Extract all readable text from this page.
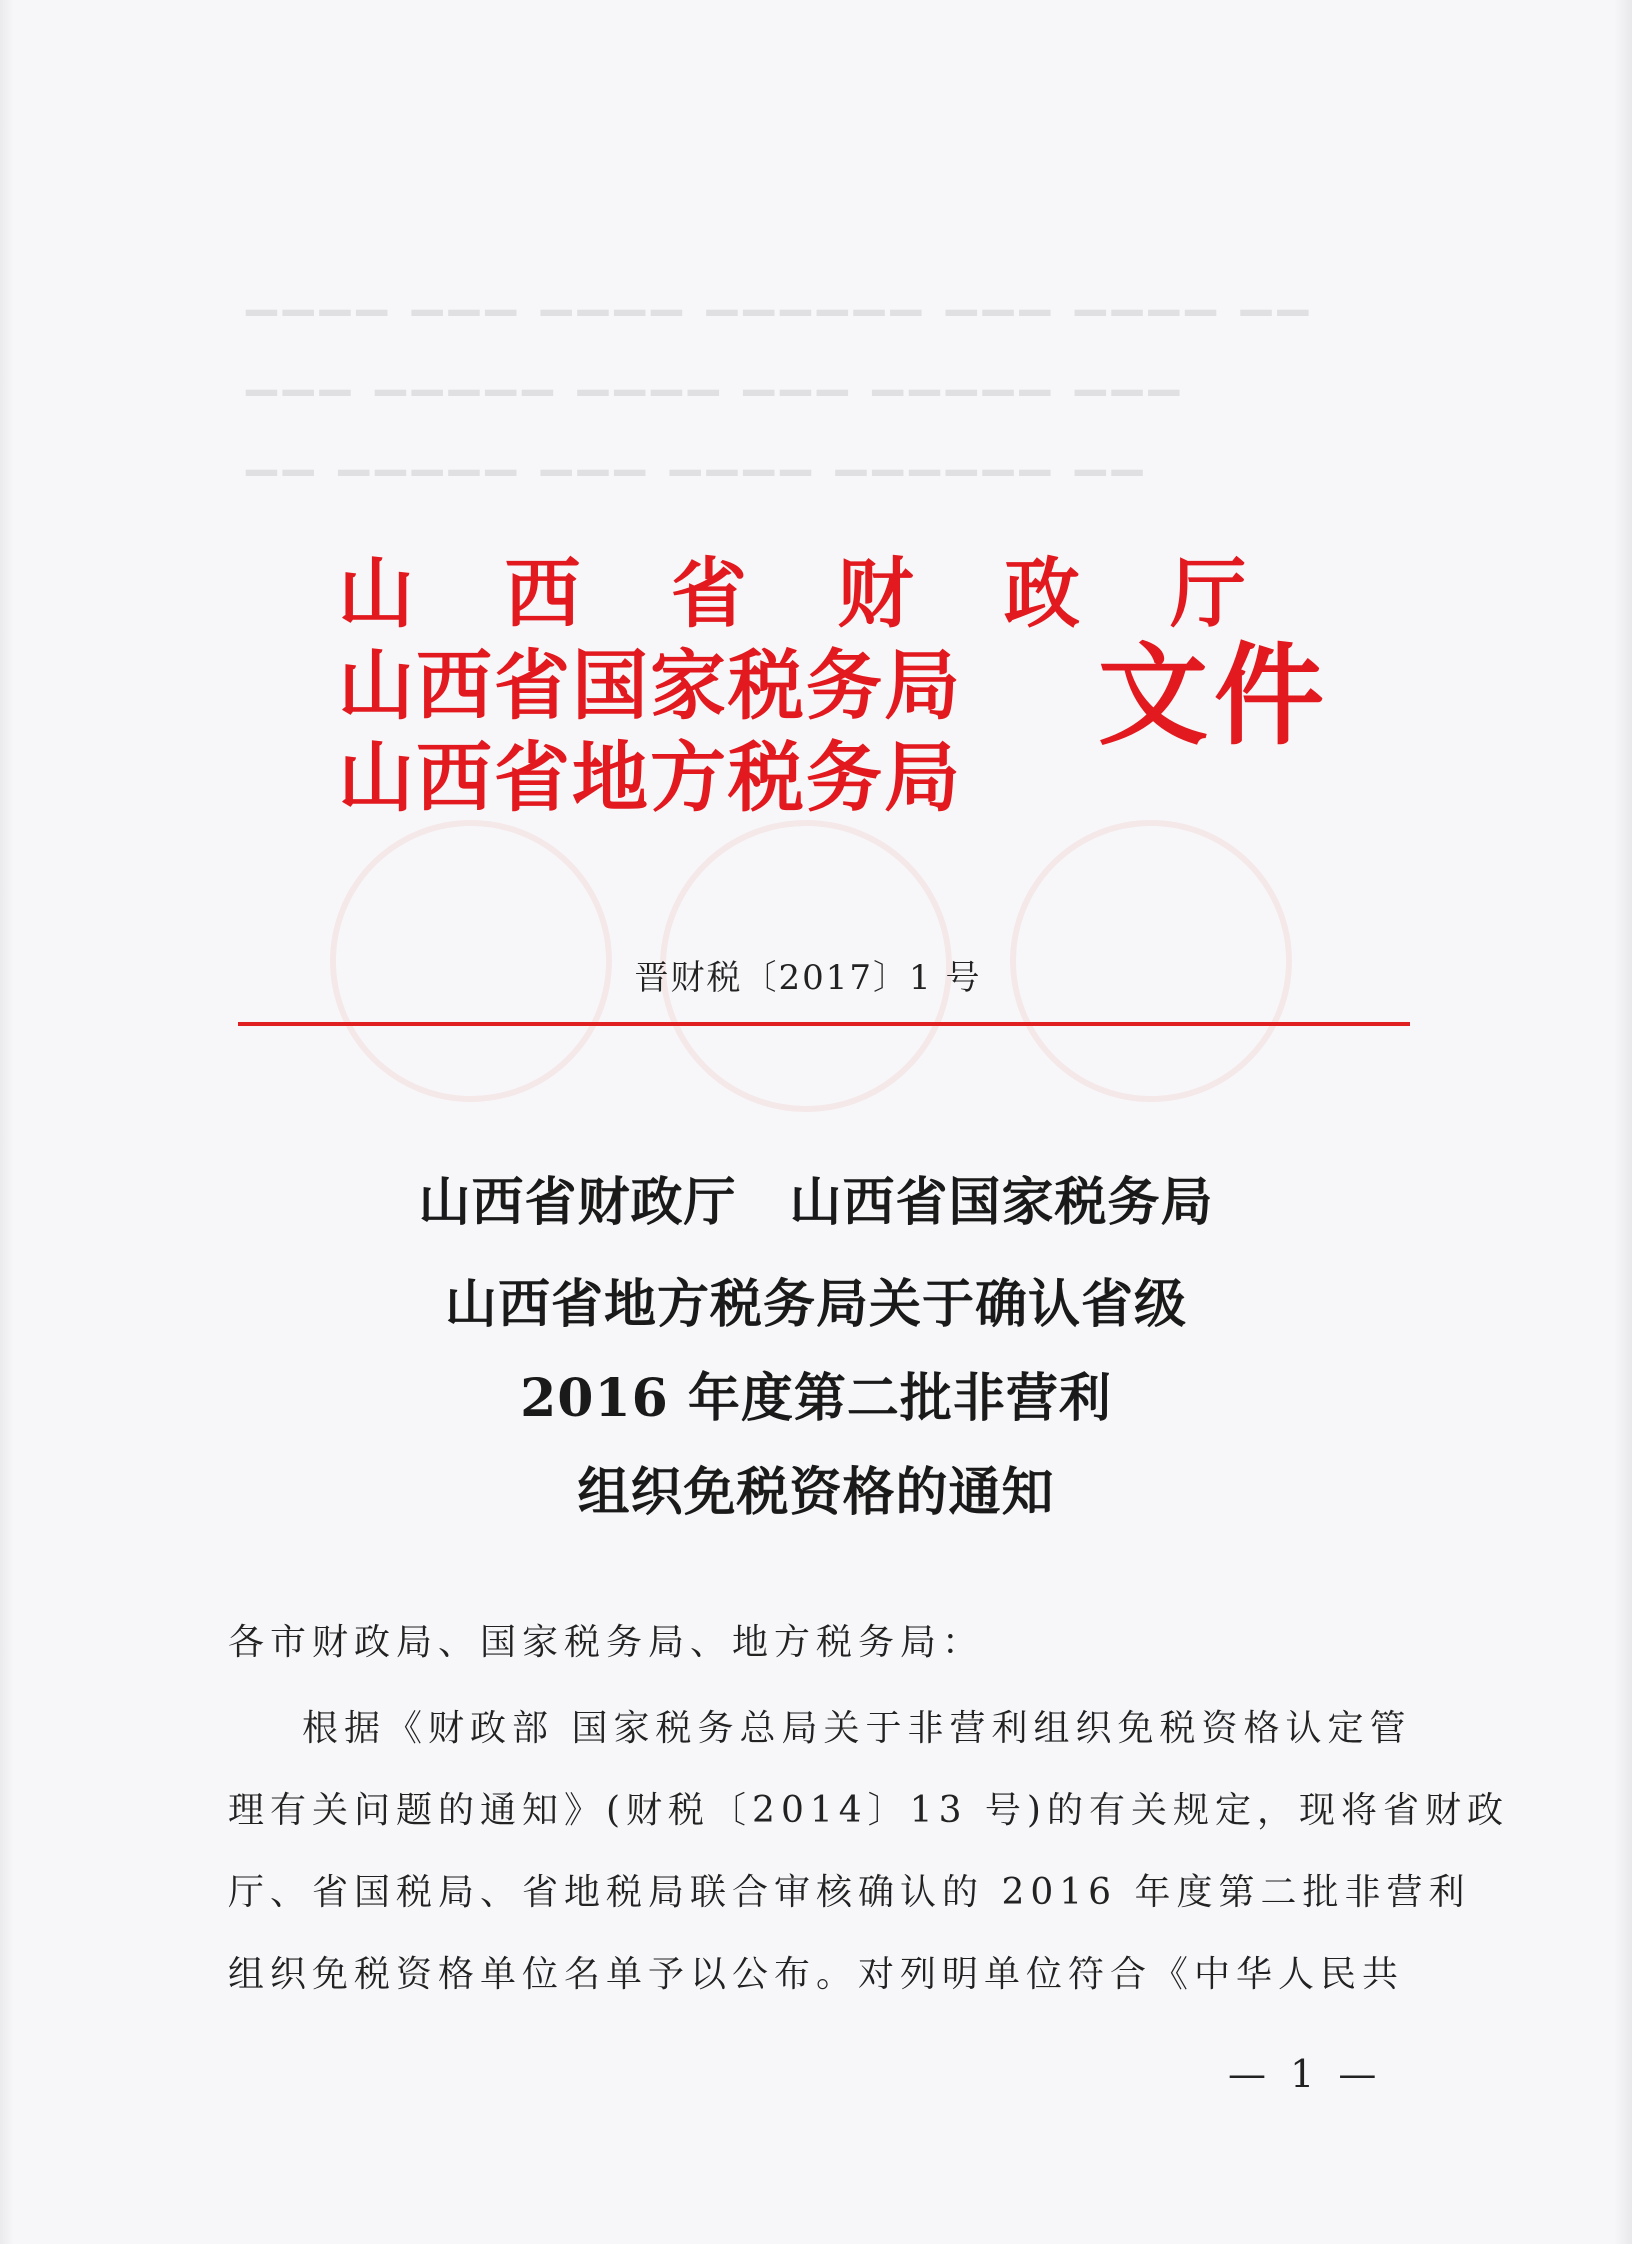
▁▁ ▁▁▁▁ ▁▁▁ ▁▁▁▁▁▁ ▁▁▁▁ ▁▁▁ ▁▁▁▁
▁▁▁ ▁▁▁▁▁ ▁▁▁ ▁▁▁▁ ▁▁▁▁▁ ▁▁▁
▁▁ ▁▁▁▁▁▁ ▁▁▁▁ ▁▁▁ ▁▁▁▁▁ ▁▁
山 西 省 财 政 厅
山西省国家税务局
山西省地方税务局
文件
晋财税〔2017〕1 号
山西省财政厅　山西省国家税务局
山西省地方税务局关于确认省级
2016 年度第二批非营利
组织免税资格的通知
各市财政局、国家税务局、地方税务局：
根据《财政部 国家税务总局关于非营利组织免税资格认定管
理有关问题的通知》(财税〔2014〕13 号)的有关规定，现将省财政
厅、省国税局、省地税局联合审核确认的 2016 年度第二批非营利
组织免税资格单位名单予以公布。对列明单位符合《中华人民共
— 1 —
